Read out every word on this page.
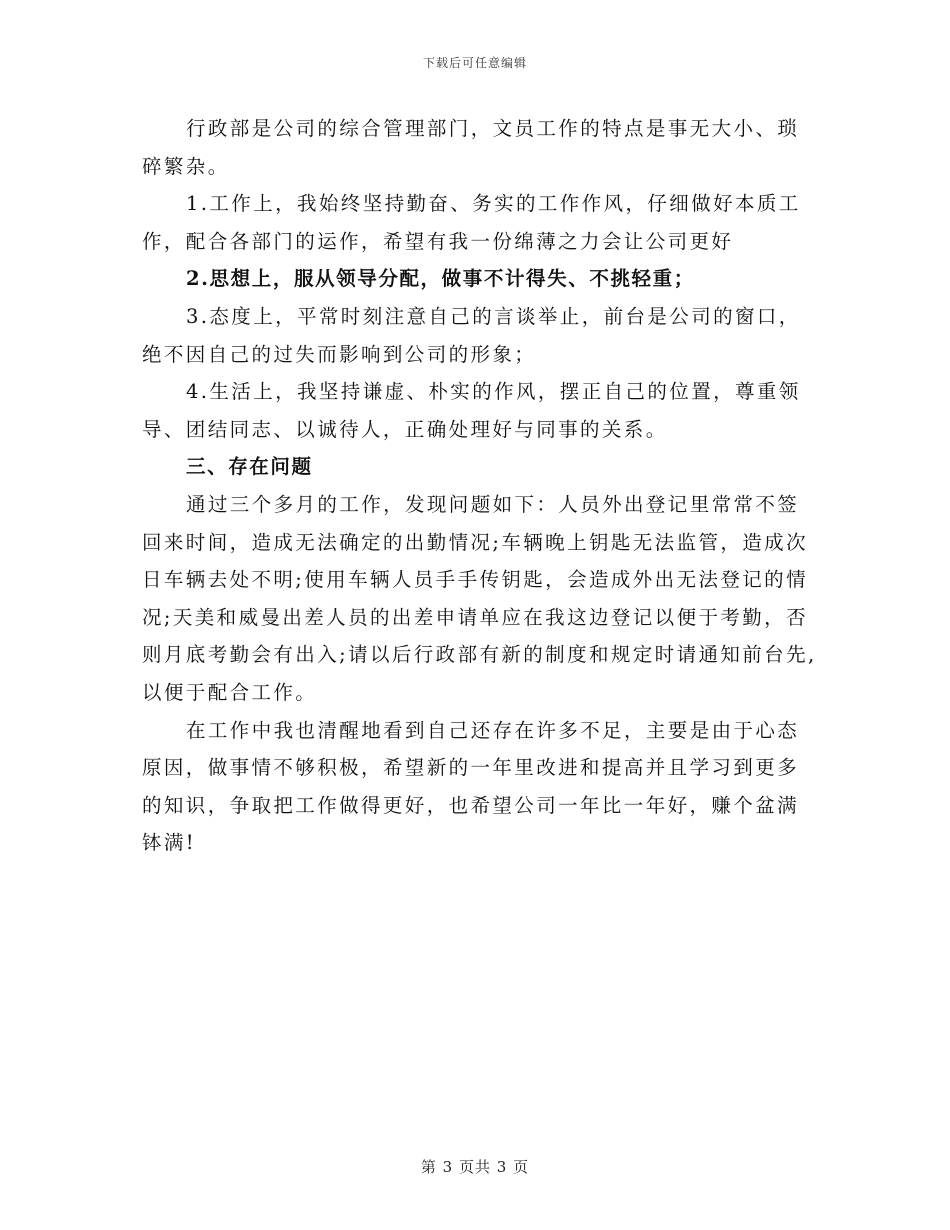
下载后可任意编辑
行政部是公司的综合管理部门，文员工作的特点是事无大小、琐
碎繁杂。
1.工作上，我始终坚持勤奋、务实的工作作风，仔细做好本质工
作，配合各部门的运作，希望有我一份绵薄之力会让公司更好
2.思想上，服从领导分配，做事不计得失、不挑轻重；
3.态度上，平常时刻注意自己的言谈举止，前台是公司的窗口，
绝不因自己的过失而影响到公司的形象；
4.生活上，我坚持谦虚、朴实的作风，摆正自己的位置，尊重领
导、团结同志、以诚待人，正确处理好与同事的关系。
三、存在问题
通过三个多月的工作，发现问题如下：人员外出登记里常常不签
回来时间，造成无法确定的出勤情况;车辆晚上钥匙无法监管，造成次
日车辆去处不明;使用车辆人员手手传钥匙，会造成外出无法登记的情
况;天美和威曼出差人员的出差申请单应在我这边登记以便于考勤，否
则月底考勤会有出入;请以后行政部有新的制度和规定时请通知前台先,
以便于配合工作。
在工作中我也清醒地看到自己还存在许多不足，主要是由于心态
原因，做事情不够积极，希望新的一年里改进和提高并且学习到更多
的知识，争取把工作做得更好，也希望公司一年比一年好，赚个盆满
钵满!
第 3 页共 3 页
